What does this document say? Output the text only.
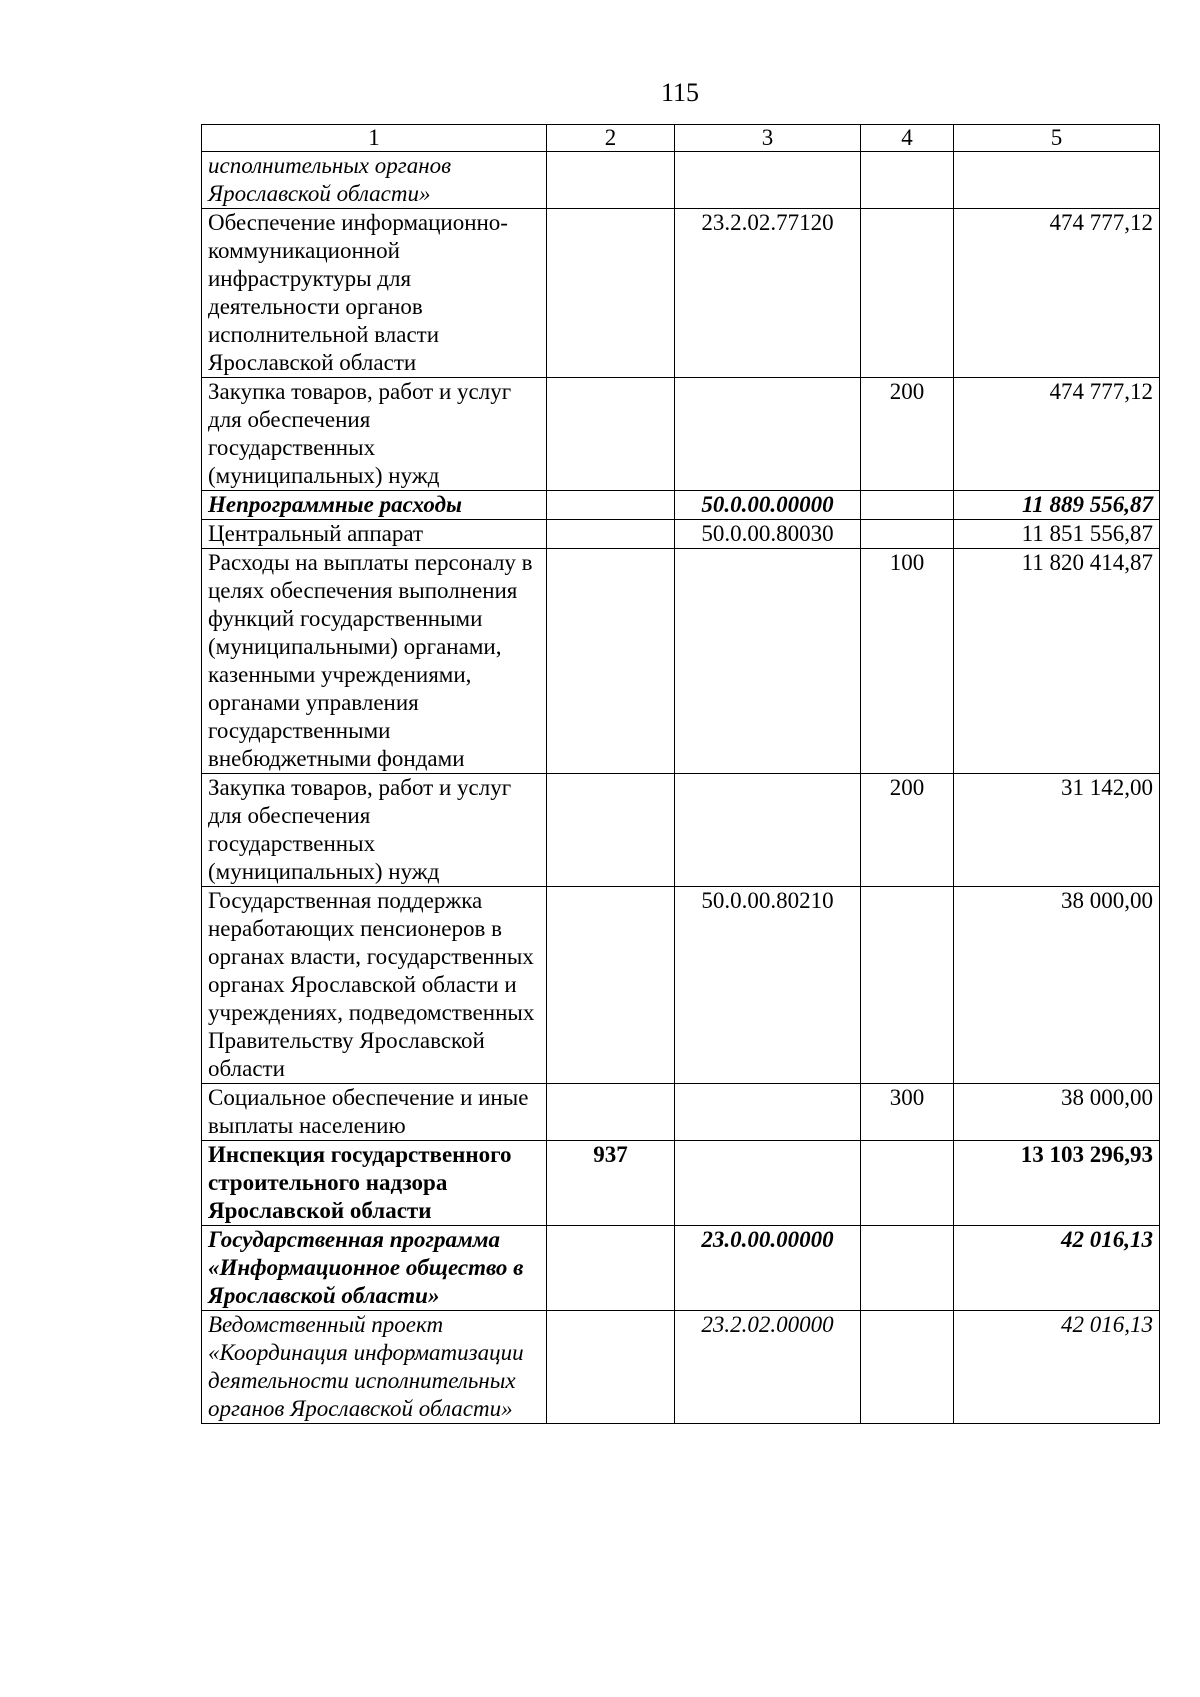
115
1	2	3	4	5
исполнительных органов Ярославской области»				
Обеспечение информационно-коммуникационной инфраструктуры для деятельности органов исполнительной власти Ярославской области		23.2.02.77120		474 777,12
Закупка товаров, работ и услуг для обеспечения государственных (муниципальных) нужд			200	474 777,12
Непрограммные расходы		50.0.00.00000		11 889 556,87
Центральный аппарат		50.0.00.80030		11 851 556,87
Расходы на выплаты персоналу в целях обеспечения выполнения функций государственными (муниципальными) органами, казенными учреждениями, органами управления государственными внебюджетными фондами			100	11 820 414,87
Закупка товаров, работ и услуг для обеспечения государственных (муниципальных) нужд			200	31 142,00
Государственная поддержка неработающих пенсионеров в органах власти, государственных органах Ярославской области и учреждениях, подведомственных Правительству Ярославской области		50.0.00.80210		38 000,00
Социальное обеспечение и иные выплаты населению			300	38 000,00
Инспекция государственного строительного надзора Ярославской области	937			13 103 296,93
Государственная программа «Информационное общество в Ярославской области»		23.0.00.00000		42 016,13
Ведомственный проект «Координация информатизации деятельности исполнительных органов Ярославской области»		23.2.02.00000		42 016,13
